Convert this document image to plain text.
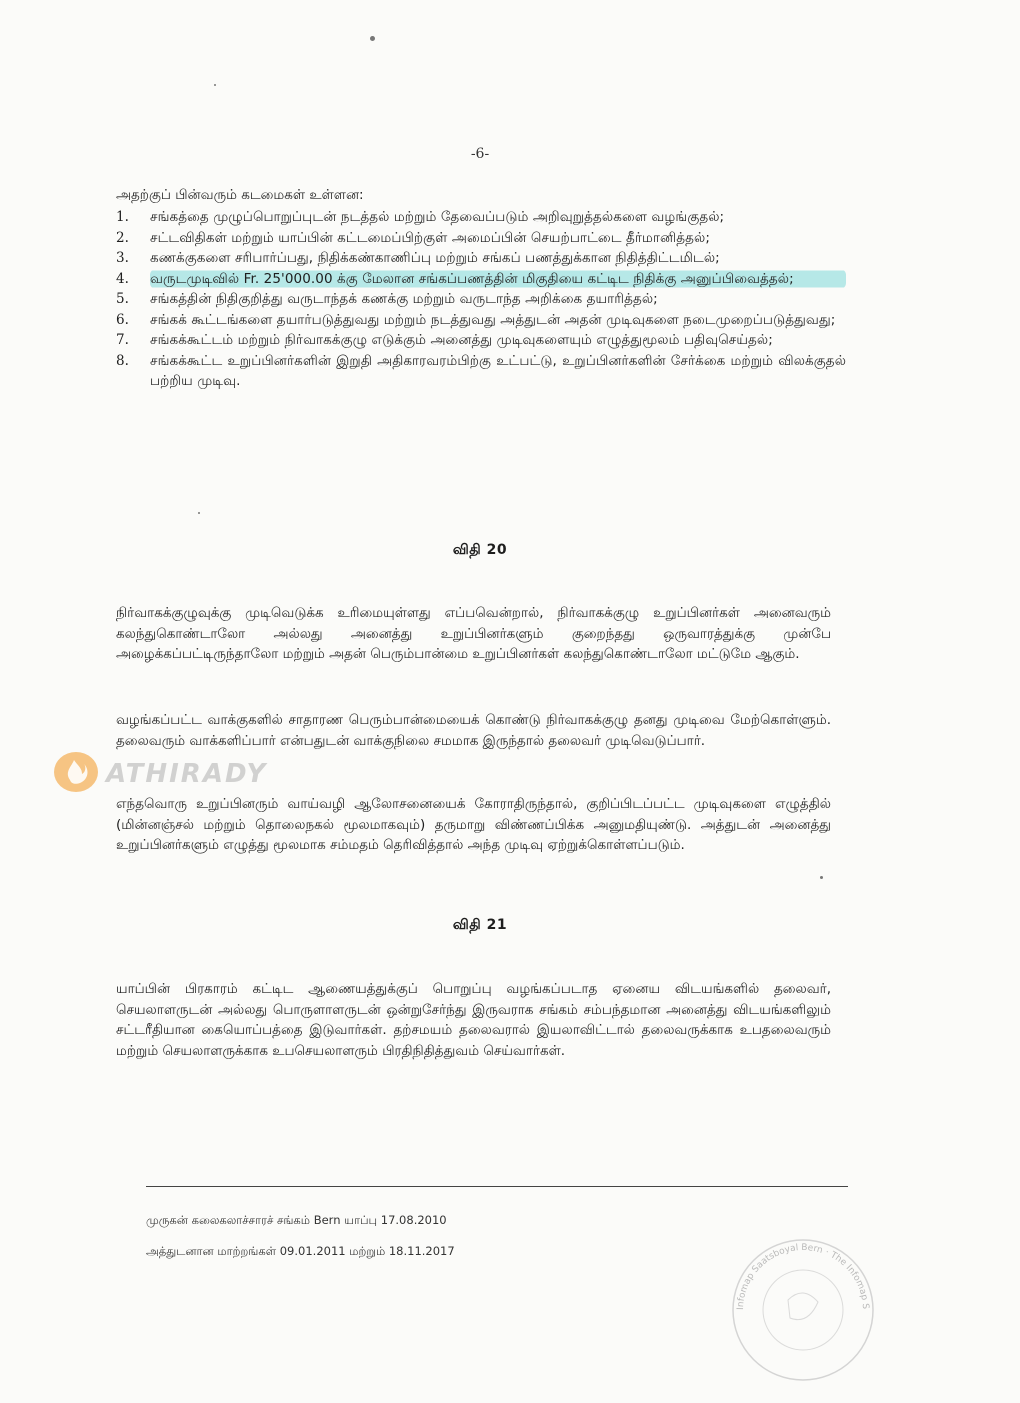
-6-
அதற்குப் பின்வரும் கடமைகள் உள்ளன:
1.	சங்கத்தை முழுப்பொறுப்புடன் நடத்தல் மற்றும் தேவைப்படும் அறிவுறுத்தல்களை வழங்குதல்;
2.	சட்டவிதிகள் மற்றும் யாப்பின் கட்டமைப்பிற்குள் அமைப்பின் செயற்பாட்டை தீர்மானித்தல்;
3.	கணக்குகளை சரிபார்ப்பது, நிதிக்கண்காணிப்பு மற்றும் சங்கப் பணத்துக்கான நிதித்திட்டமிடல்;
4.	வருடமுடிவில் Fr. 25'000.00 க்கு மேலான சங்கப்பணத்தின் மிகுதியை கட்டிட நிதிக்கு அனுப்பிவைத்தல்;
5.	சங்கத்தின் நிதிகுறித்து வருடாந்தக் கணக்கு மற்றும் வருடாந்த அறிக்கை தயாரித்தல்;
6.	சங்கக் கூட்டங்களை தயார்படுத்துவது மற்றும் நடத்துவது அத்துடன் அதன் முடிவுகளை நடைமுறைப்படுத்துவது;
7.	சங்கக்கூட்டம் மற்றும் நிர்வாகக்குழு எடுக்கும் அனைத்து முடிவுகளையும் எழுத்துமூலம் பதிவுசெய்தல்;
8.	சங்கக்கூட்ட உறுப்பினர்களின் இறுதி அதிகாரவரம்பிற்கு உட்பட்டு, உறுப்பினர்களின் சேர்க்கை மற்றும் விலக்குதல் பற்றிய முடிவு.
விதி 20

நிர்வாகக்குழுவுக்கு முடிவெடுக்க உரிமையுள்ளது எப்பவென்றால், நிர்வாகக்குழு உறுப்பினர்கள் அனைவரும் கலந்துகொண்டாலோ அல்லது அனைத்து உறுப்பினர்களும் குறைந்தது ஒருவாரத்துக்கு முன்பே அழைக்கப்பட்டிருந்தாலோ மற்றும் அதன் பெரும்பான்மை உறுப்பினர்கள் கலந்துகொண்டாலோ மட்டுமே ஆகும்.

வழங்கப்பட்ட வாக்குகளில் சாதாரண பெரும்பான்மையைக் கொண்டு நிர்வாகக்குழு தனது முடிவை மேற்கொள்ளும். தலைவரும் வாக்களிப்பார் என்பதுடன் வாக்குநிலை சமமாக இருந்தால் தலைவர் முடிவெடுப்பார்.

எந்தவொரு உறுப்பினரும் வாய்வழி ஆலோசனையைக் கோராதிருந்தால், குறிப்பிடப்பட்ட முடிவுகளை எழுத்தில் (மின்னஞ்சல் மற்றும் தொலைநகல் மூலமாகவும்) தருமாறு விண்ணப்பிக்க அனுமதியுண்டு. அத்துடன் அனைத்து உறுப்பினர்களும் எழுத்து மூலமாக சம்மதம் தெரிவித்தால் அந்த முடிவு ஏற்றுக்கொள்ளப்படும்.

விதி 21

யாப்பின் பிரகாரம் கட்டிட ஆணையத்துக்குப் பொறுப்பு வழங்கப்படாத ஏனைய விடயங்களில் தலைவர், செயலாளருடன் அல்லது பொருளாளருடன் ஒன்றுசேர்ந்து இருவராக சங்கம் சம்பந்தமான அனைத்து விடயங்களிலும் சட்டரீதியான கையொப்பத்தை இடுவார்கள். தற்சமயம் தலைவரால் இயலாவிட்டால் தலைவருக்காக உபதலைவரும் மற்றும் செயலாளருக்காக உபசெயலாளரும் பிரதிநிதித்துவம் செய்வார்கள்.

முருகன் கலைகலாச்சாரச் சங்கம் Bern யாப்பு 17.08.2010
அத்துடனான மாற்றங்கள் 09.01.2011 மற்றும் 18.11.2017
ATHIRADY
Infomap Saatsboyal Bern · The Infomap S
